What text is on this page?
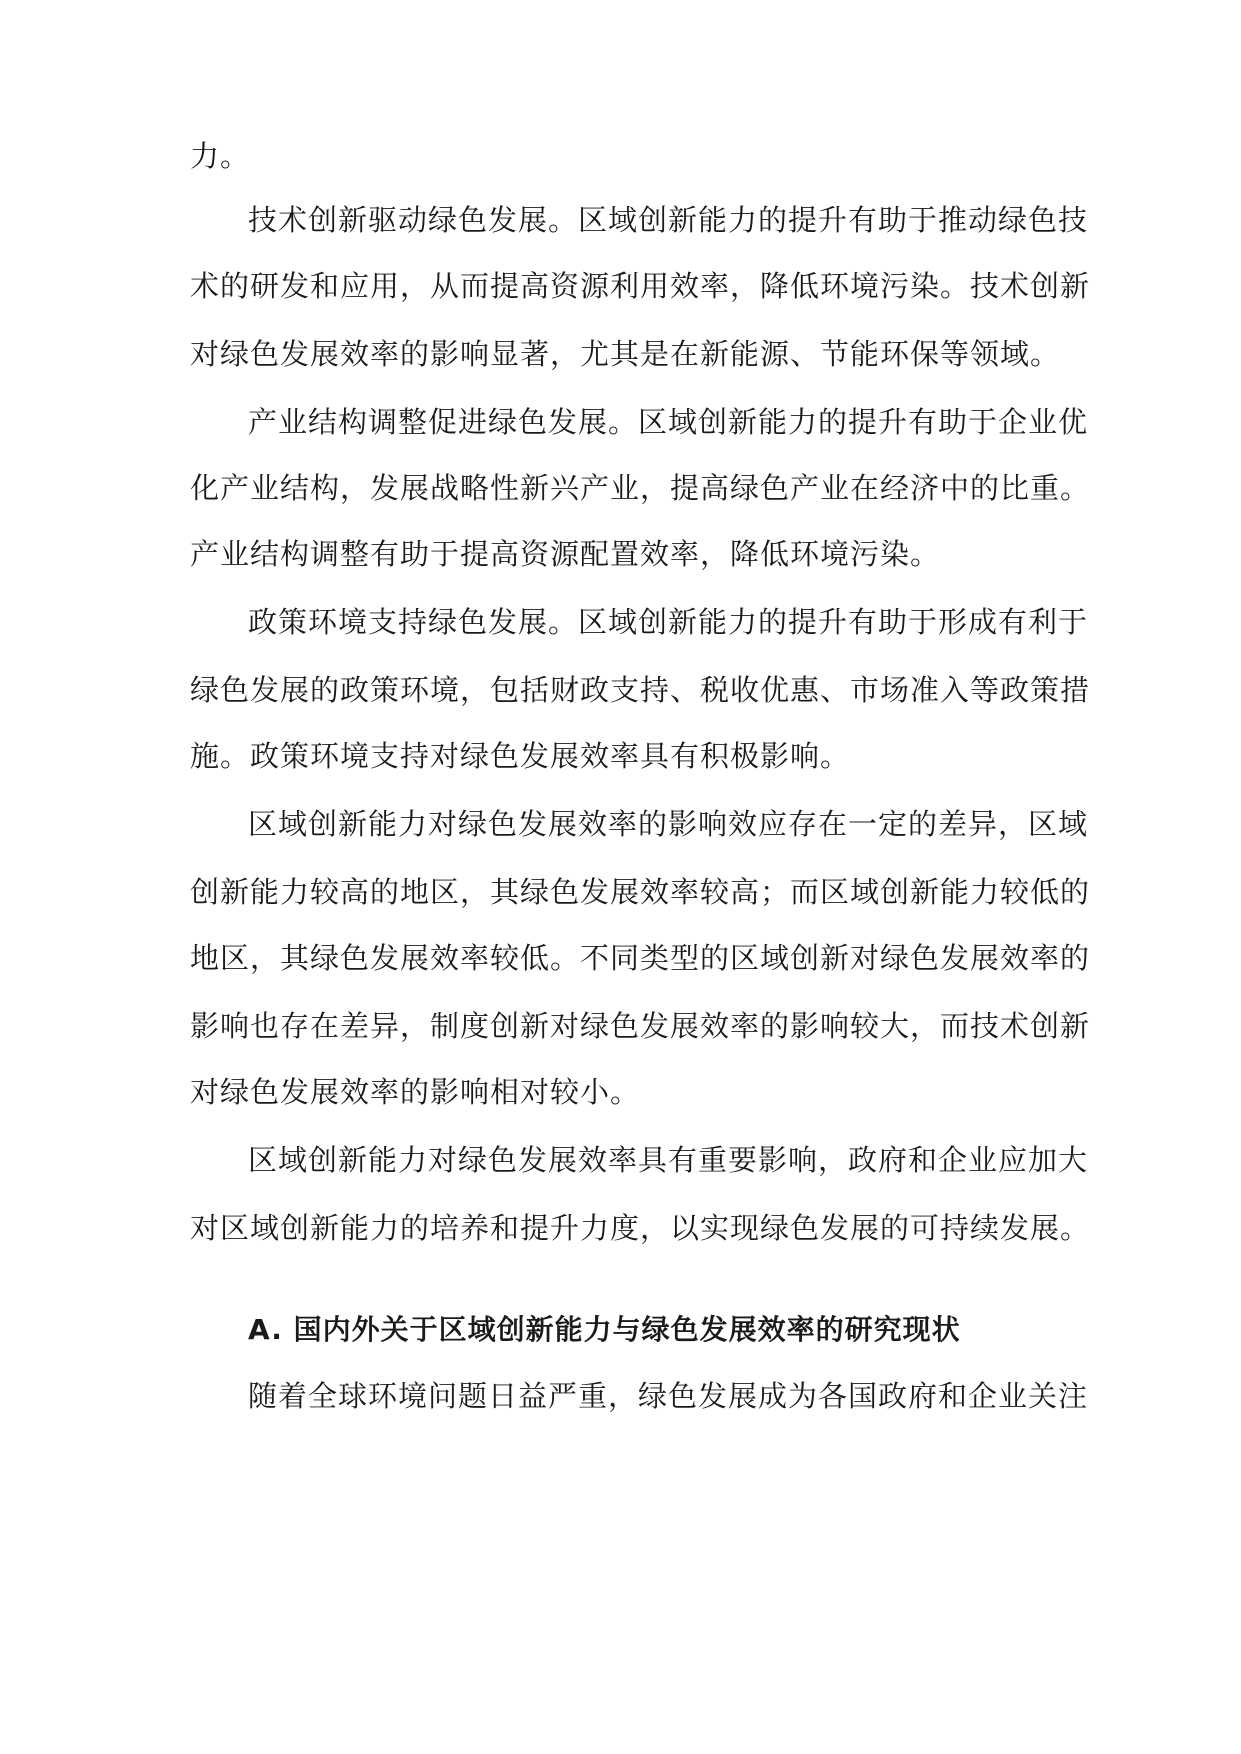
力。
技术创新驱动绿色发展。区域创新能力的提升有助于推动绿色技
术的研发和应用，从而提高资源利用效率，降低环境污染。技术创新
对绿色发展效率的影响显著，尤其是在新能源、节能环保等领域。
产业结构调整促进绿色发展。区域创新能力的提升有助于企业优
化产业结构，发展战略性新兴产业，提高绿色产业在经济中的比重。
产业结构调整有助于提高资源配置效率，降低环境污染。
政策环境支持绿色发展。区域创新能力的提升有助于形成有利于
绿色发展的政策环境，包括财政支持、税收优惠、市场准入等政策措
施。政策环境支持对绿色发展效率具有积极影响。
区域创新能力对绿色发展效率的影响效应存在一定的差异，区域
创新能力较高的地区，其绿色发展效率较高；而区域创新能力较低的
地区，其绿色发展效率较低。不同类型的区域创新对绿色发展效率的
影响也存在差异，制度创新对绿色发展效率的影响较大，而技术创新
对绿色发展效率的影响相对较小。
区域创新能力对绿色发展效率具有重要影响，政府和企业应加大
对区域创新能力的培养和提升力度，以实现绿色发展的可持续发展。
A. 国内外关于区域创新能力与绿色发展效率的研究现状
随着全球环境问题日益严重，绿色发展成为各国政府和企业关注
